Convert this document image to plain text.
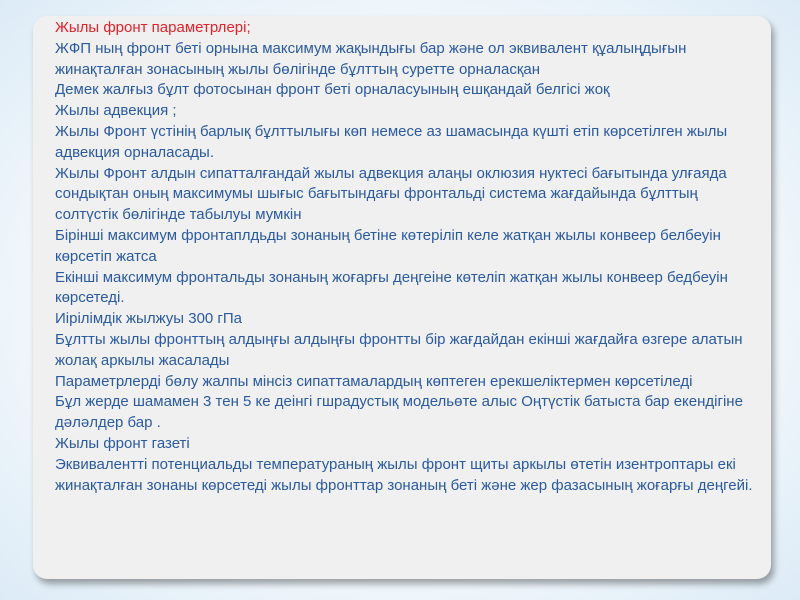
Жылы фронт параметрлері;
ЖФП ның фронт беті орнына максимум жақындығы бар және ол эквивалент құалыңдығын жинақталған зонасының жылы бөлігінде бұлттың суретте орналасқан
Демек жалғыз бұлт фотосынан фронт беті орналасуының ешқандай белгісі жоқ
Жылы адвекция ;
Жылы Фронт үстінің барлық бұлттылығы көп немесе аз шамасында күшті етіп көрсетілген жылы адвекция орналасады.
Жылы Фронт алдын сипатталғандай жылы адвекция алаңы оклюзия нуктесі бағытында улғаяда сондықтан оның максимумы шығыс бағытындағы фронтальді система жағдайында бұлттың солтүстік бөлігінде табылуы мумкін
Бірінші максимум фронтаплдьды зонаның бетіне көтеріліп келе жатқан жылы конвеер белбеуін көрсетіп жатса
Екінші максимум фронтальды зонаның жоғарғы деңгеіне көтеліп жатқан жылы конвеер бедбеуін көрсетеді.
Иірілімдік жылжуы 300 гПа
Бұлтты жылы фронттың алдыңғы алдыңғы фронтты бір жағдайдан екінші жағдайға өзгере алатын жолақ аркылы жасалады
Параметрлерді бөлу жалпы мінсіз сипаттамалардың көптеген ерекшеліктермен көрсетіледі
Бұл жерде шамамен 3 тен 5 ке деінгі гшрадустық модельөте алыс Оңтүстік батыста бар екендігіне дәләлдер бар .
Жылы фронт газеті
Эквиваленттi потенциальды температураның жылы фронт щиты аркылы өтетін изентроптары екі жинақталған зонаны көрсетеді жылы фронттар зонаның беті және жер фазасының жоғарғы деңгейі.
